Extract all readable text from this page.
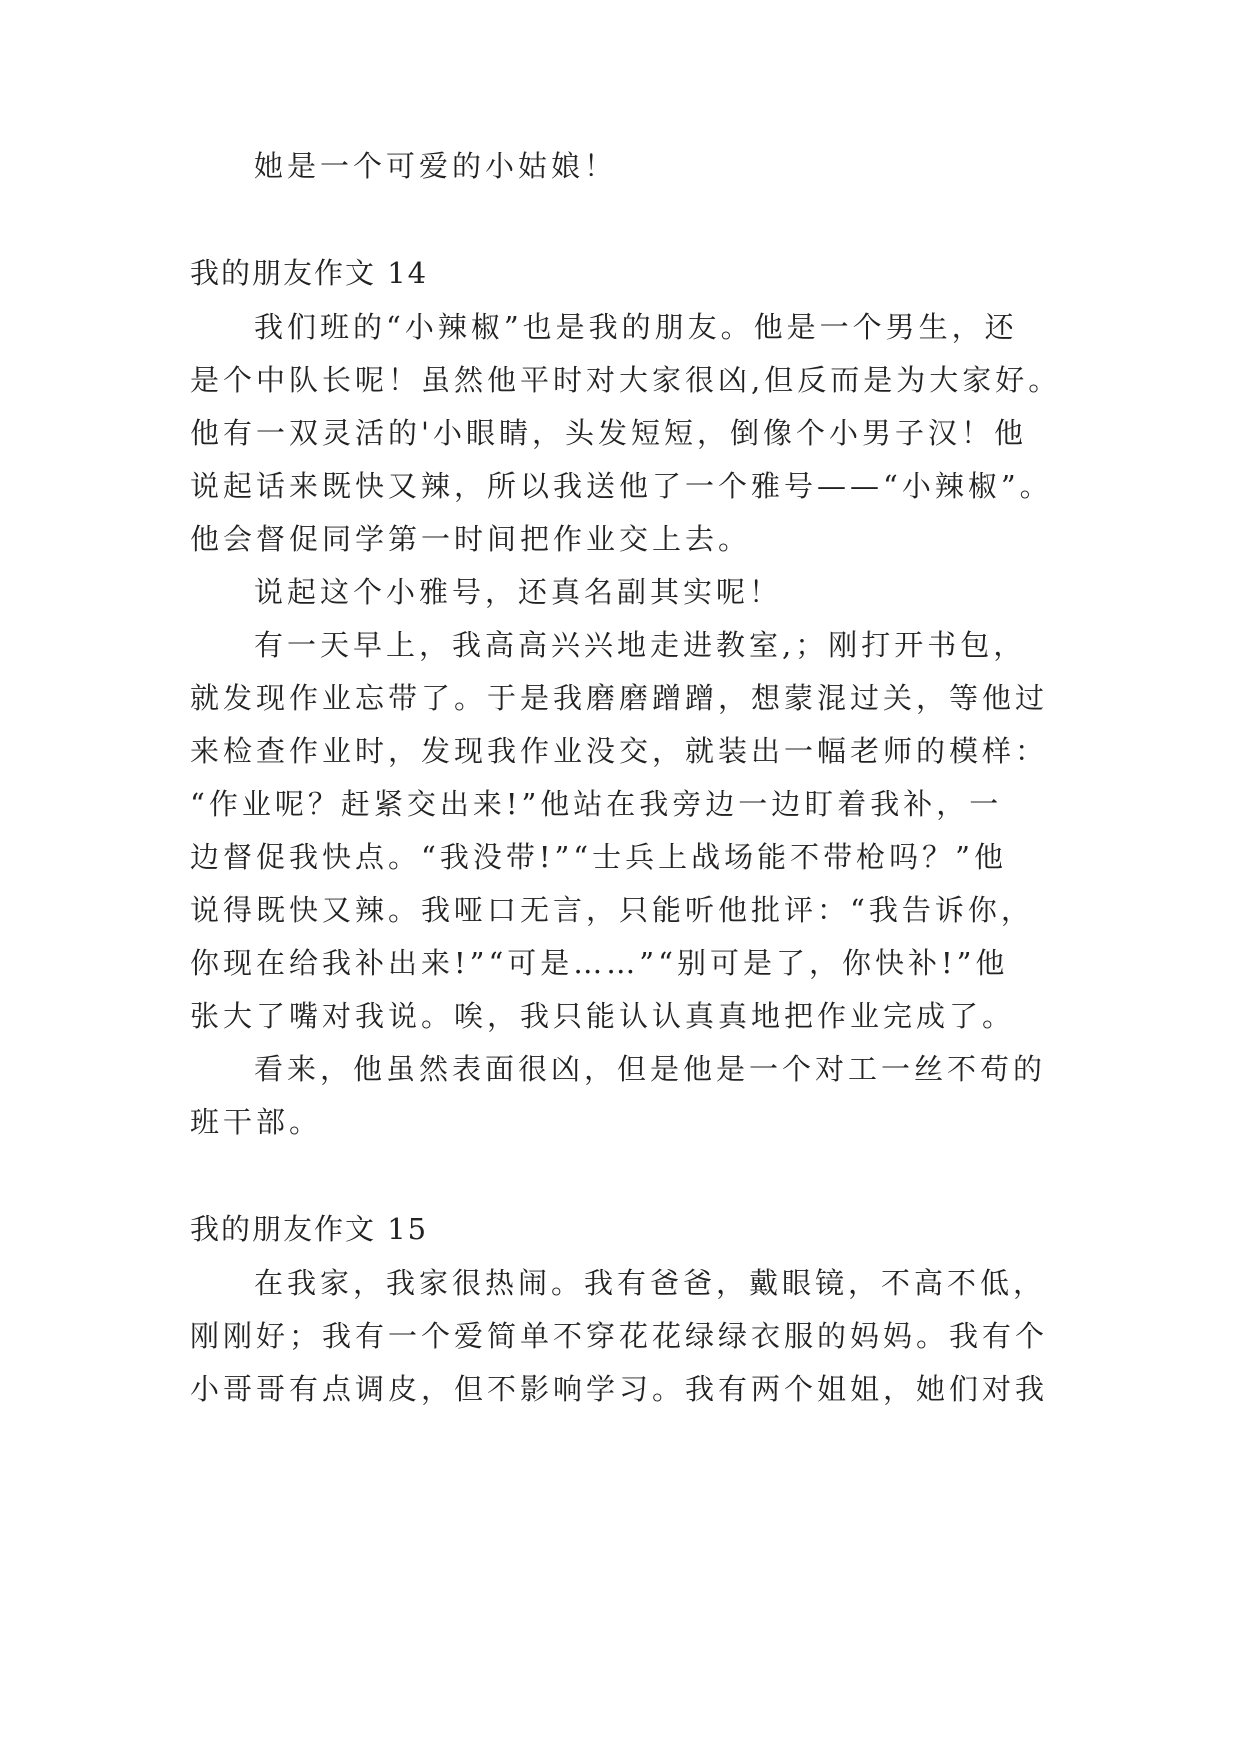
她是一个可爱的小姑娘！

我的朋友作文 14

我们班的“小辣椒”也是我的朋友。他是一个男生，还

是个中队长呢！虽然他平时对大家很凶,但反而是为大家好。

他有一双灵活的'小眼睛，头发短短，倒像个小男子汉！他

说起话来既快又辣，所以我送他了一个雅号——“小辣椒”。

他会督促同学第一时间把作业交上去。

说起这个小雅号，还真名副其实呢！

有一天早上，我高高兴兴地走进教室,；刚打开书包，

就发现作业忘带了。于是我磨磨蹭蹭，想蒙混过关，等他过

来检查作业时，发现我作业没交，就装出一幅老师的模样：

“作业呢？赶紧交出来!”他站在我旁边一边盯着我补，一

边督促我快点。“我没带!”“士兵上战场能不带枪吗？”他

说得既快又辣。我哑口无言，只能听他批评：“我告诉你，

你现在给我补出来!”“可是……”“别可是了，你快补!”他

张大了嘴对我说。唉，我只能认认真真地把作业完成了。

看来，他虽然表面很凶，但是他是一个对工一丝不苟的

班干部。

我的朋友作文 15

在我家，我家很热闹。我有爸爸，戴眼镜，不高不低，

刚刚好；我有一个爱简单不穿花花绿绿衣服的妈妈。我有个

小哥哥有点调皮，但不影响学习。我有两个姐姐，她们对我
